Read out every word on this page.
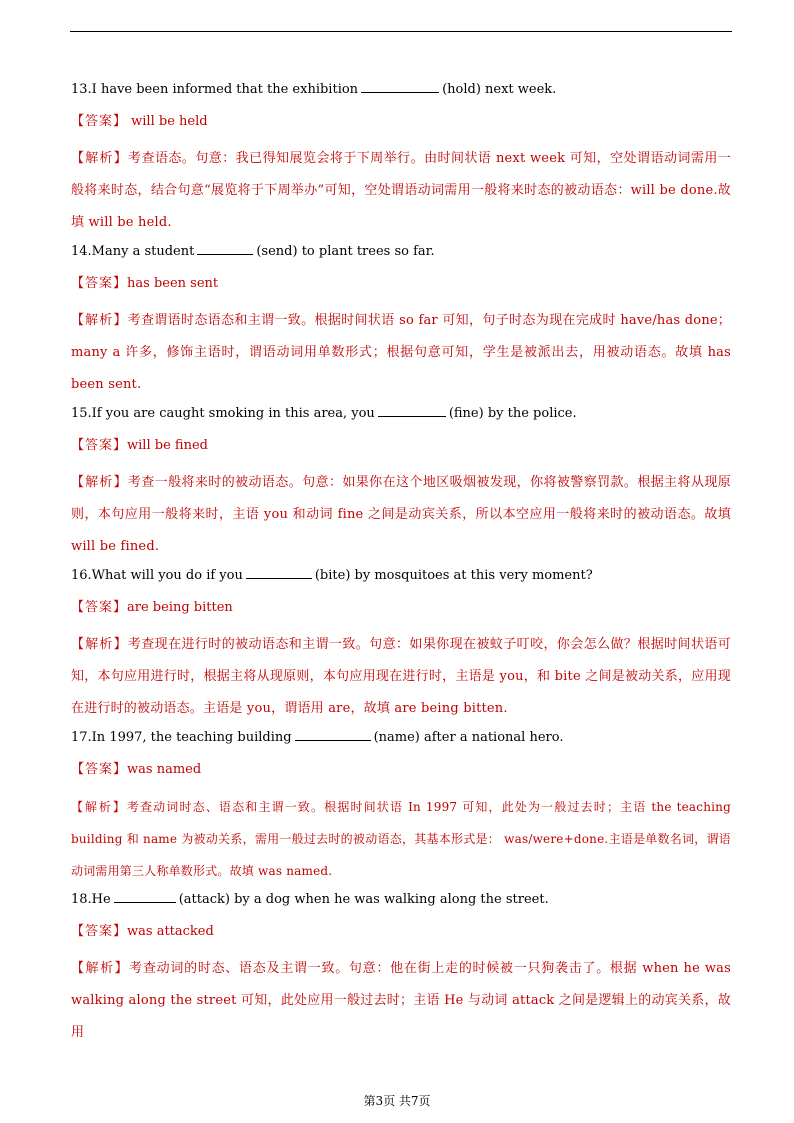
13.I have been informed that the exhibition	(hold) next week.
【答案】 will be held
【解析】考查语态。句意：我已得知展览会将于下周举行。由时间状语 next week 可知，空处谓语动词需用一般将来时态，结合句意“展览将于下周举办”可知，空处谓语动词需用一般将来时态的被动语态：will be done.故填 will be held.
14.Many a student	(send) to plant trees so far.
【答案】has been sent
【解析】考查谓语时态语态和主谓一致。根据时间状语 so far 可知，句子时态为现在完成时 have/has done；many a 许多，修饰主语时，谓语动词用单数形式；根据句意可知，学生是被派出去，用被动语态。故填 has been sent.
15.If you are caught smoking in this area, you	(fine) by the police.
【答案】will be fined
【解析】考查一般将来时的被动语态。句意：如果你在这个地区吸烟被发现，你将被警察罚款。根据主将从现原则，本句应用一般将来时，主语 you 和动词 fine 之间是动宾关系，所以本空应用一般将来时的被动语态。故填 will be fined.
16.What will you do if you	(bite) by mosquitoes at this very moment?
【答案】are being bitten
【解析】考查现在进行时的被动语态和主谓一致。句意：如果你现在被蚊子叮咬，你会怎么做？根据时间状语可知，本句应用进行时，根据主将从现原则，本句应用现在进行时，主语是 you，和 bite 之间是被动关系，应用现在进行时的被动语态。主语是 you，谓语用 are，故填 are being bitten.
17.In 1997, the teaching building	(name) after a national hero.
【答案】was named
【解析】考查动词时态、语态和主谓一致。根据时间状语 In 1997 可知，此处为一般过去时；主语 the teaching building 和 name 为被动关系，需用一般过去时的被动语态，其基本形式是： was/were+done.主语是单数名词，谓语动词需用第三人称单数形式。故填 was named.
18.He	(attack) by a dog when he was walking along the street.
【答案】was attacked
【解析】考查动词的时态、语态及主谓一致。句意：他在街上走的时候被一只狗袭击了。根据 when he was walking along the street 可知，此处应用一般过去时；主语 He 与动词 attack 之间是逻辑上的动宾关系，故用
第3页 共7页
